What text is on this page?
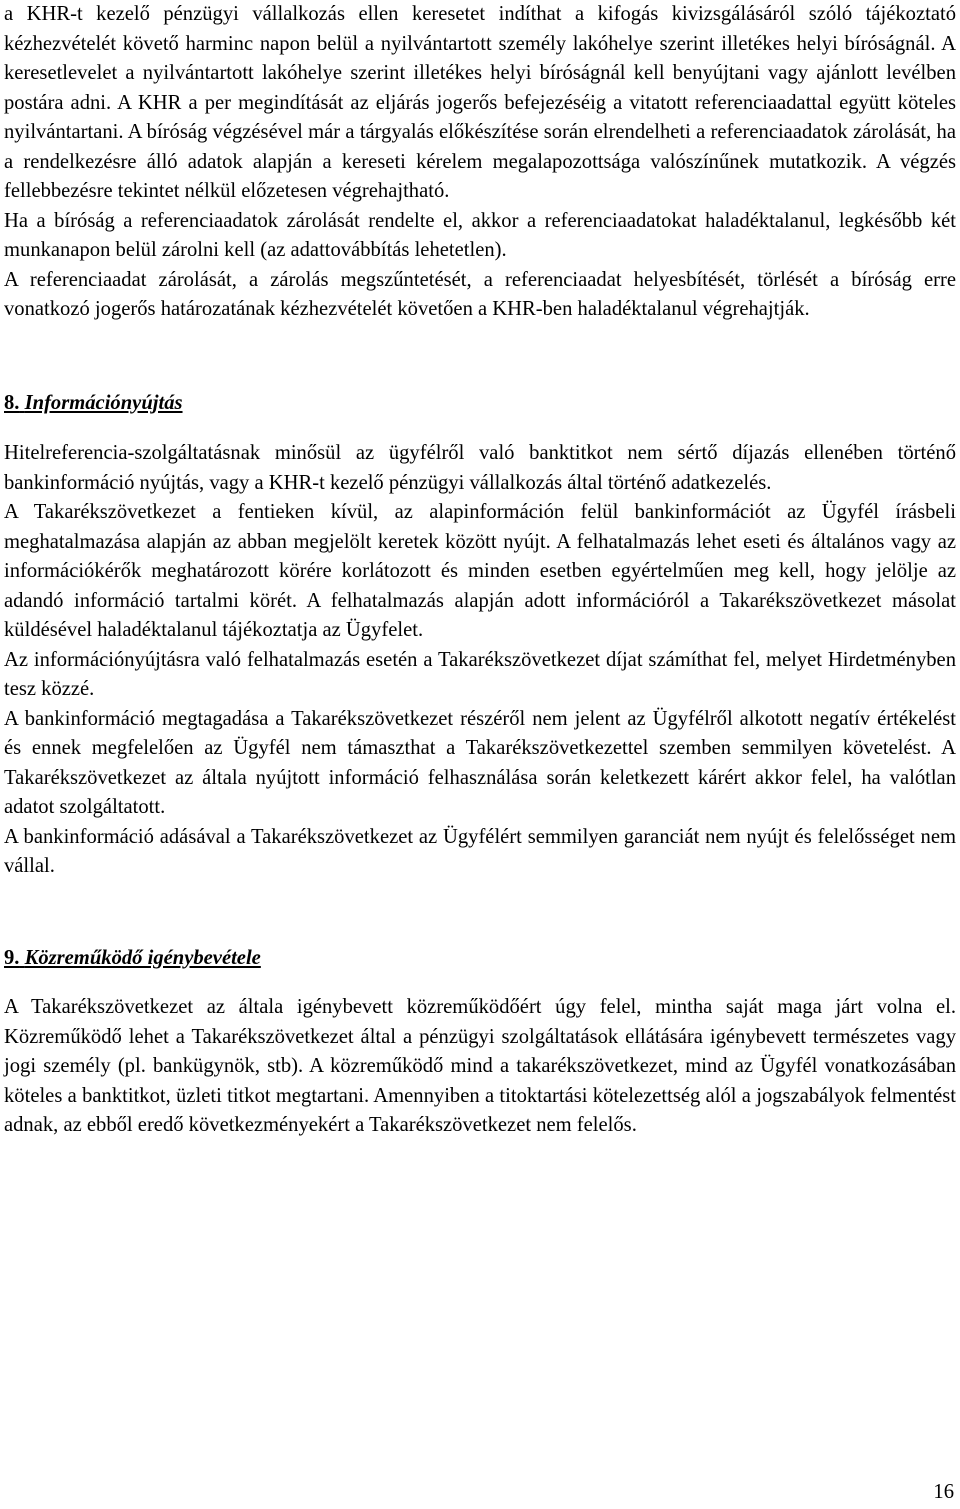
a KHR-t kezelő pénzügyi vállalkozás ellen keresetet indíthat a kifogás kivizsgálásáról szóló tájékoztató kézhezvételét követő harminc napon belül a nyilvántartott személy lakóhelye szerint illetékes helyi bíróságnál. A keresetlevelet a nyilvántartott lakóhelye szerint illetékes helyi bíróságnál kell benyújtani vagy ajánlott levélben postára adni. A KHR a per megindítását az eljárás jogerős befejezéséig a vitatott referenciaadattal együtt köteles nyilvántartani. A bíróság végzésével már a tárgyalás előkészítése során elrendelheti a referenciaadatok zárolását, ha a rendelkezésre álló adatok alapján a kereseti kérelem megalapozottsága valószínűnek mutatkozik. A végzés fellebbezésre tekintet nélkül előzetesen végrehajtható.

Ha a bíróság a referenciaadatok zárolását rendelte el, akkor a referenciaadatokat haladéktalanul, legkésőbb két munkanapon belül zárolni kell (az adattovábbítás lehetetlen).

A referenciaadat zárolását, a zárolás megszűntetését, a referenciaadat helyesbítését, törlését a bíróság erre vonatkozó jogerős határozatának kézhezvételét követően a KHR-ben haladéktalanul végrehajtják.

8. Információnyújtás

Hitelreferencia-szolgáltatásnak minősül az ügyfélről való banktitkot nem sértő díjazás ellenében történő bankinformáció nyújtás, vagy a KHR-t kezelő pénzügyi vállalkozás által történő adatkezelés.

A Takarékszövetkezet a fentieken kívül, az alapinformáción felül bankinformációt az Ügyfél írásbeli meghatalmazása alapján az abban megjelölt keretek között nyújt. A felhatalmazás lehet eseti és általános vagy az információkérők meghatározott körére korlátozott és minden esetben egyértelműen meg kell, hogy jelölje az adandó információ tartalmi körét. A felhatalmazás alapján adott információról a Takarékszövetkezet másolat küldésével haladéktalanul tájékoztatja az Ügyfelet.

Az információnyújtásra való felhatalmazás esetén a Takarékszövetkezet díjat számíthat fel, melyet Hirdetményben tesz közzé.

A bankinformáció megtagadása a Takarékszövetkezet részéről nem jelent az Ügyfélről alkotott negatív értékelést és ennek megfelelően az Ügyfél nem támaszthat a Takarékszövetkezettel szemben semmilyen követelést. A Takarékszövetkezet az általa nyújtott információ felhasználása során keletkezett kárért akkor felel, ha valótlan adatot szolgáltatott.

A bankinformáció adásával a Takarékszövetkezet az Ügyfélért semmilyen garanciát nem nyújt és felelősséget nem vállal.

9. Közreműködő igénybevétele

A Takarékszövetkezet az általa igénybevett közreműködőért úgy felel, mintha saját maga járt volna el. Közreműködő lehet a Takarékszövetkezet által a pénzügyi szolgáltatások ellátására igénybevett természetes vagy jogi személy (pl. bankügynök, stb). A közreműködő mind a takarékszövetkezet, mind az Ügyfél vonatkozásában köteles a banktitkot, üzleti titkot megtartani. Amennyiben a titoktartási kötelezettség alól a jogszabályok felmentést adnak, az ebből eredő következményekért a Takarékszövetkezet nem felelős.

16
